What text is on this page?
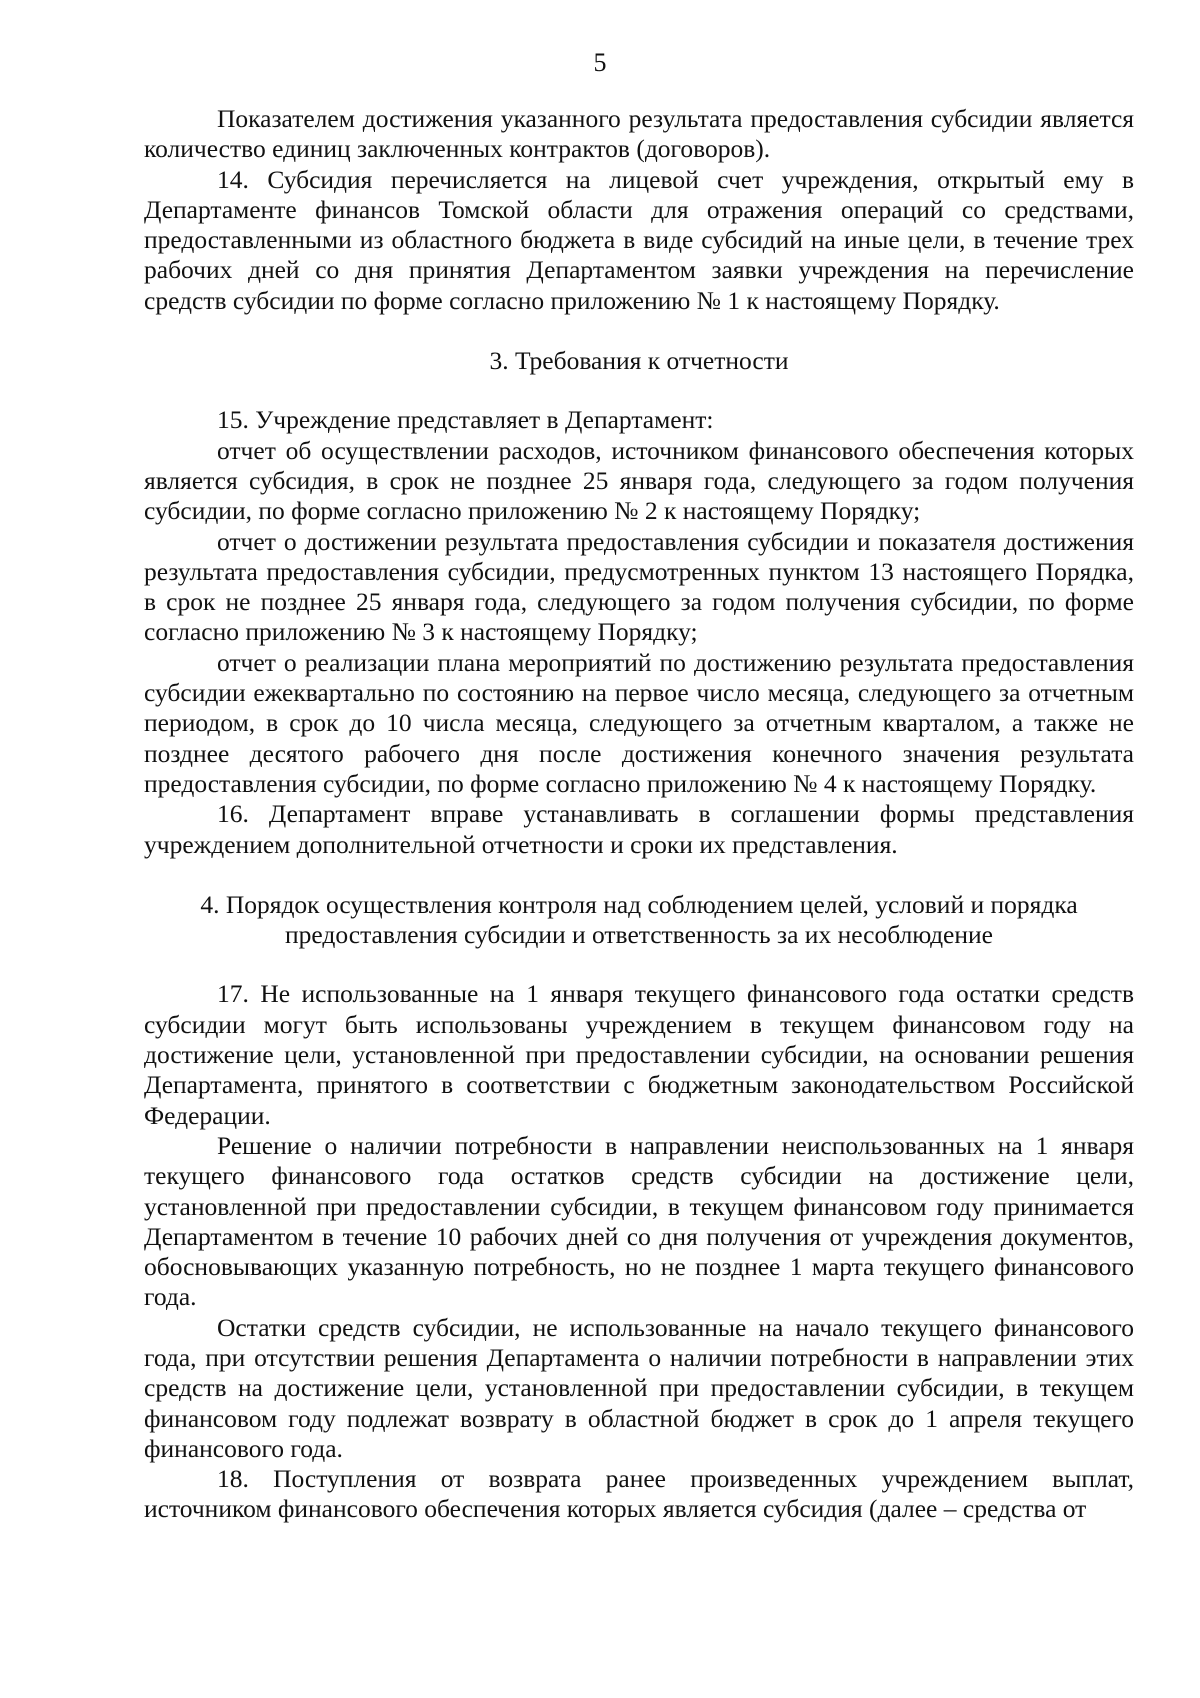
5

Показателем достижения указанного результата предоставления субсидии является количество единиц заключенных контрактов (договоров).

14. Субсидия перечисляется на лицевой счет учреждения, открытый ему в Департаменте финансов Томской области для отражения операций со средствами, предоставленными из областного бюджета в виде субсидий на иные цели, в течение трех рабочих дней со дня принятия Департаментом заявки учреждения на перечисление средств субсидии по форме согласно приложению № 1 к настоящему Порядку.

3. Требования к отчетности

15. Учреждение представляет в Департамент:

отчет об осуществлении расходов, источником финансового обеспечения которых является субсидия, в срок не позднее 25 января года, следующего за годом получения субсидии, по форме согласно приложению № 2 к настоящему Порядку;

отчет о достижении результата предоставления субсидии и показателя достижения результата предоставления субсидии, предусмотренных пунктом 13 настоящего Порядка, в срок не позднее 25 января года, следующего за годом получения субсидии, по форме согласно приложению № 3 к настоящему Порядку;

отчет о реализации плана мероприятий по достижению результата предоставления субсидии ежеквартально по состоянию на первое число месяца, следующего за отчетным периодом, в срок до 10 числа месяца, следующего за отчетным кварталом, а также не позднее десятого рабочего дня после достижения конечного значения результата предоставления субсидии, по форме согласно приложению № 4 к настоящему Порядку.

16. Департамент вправе устанавливать в соглашении формы представления учреждением дополнительной отчетности и сроки их представления.

4. Порядок осуществления контроля над соблюдением целей, условий и порядка

предоставления субсидии и ответственность за их несоблюдение

17. Не использованные на 1 января текущего финансового года остатки средств субсидии могут быть использованы учреждением в текущем финансовом году на достижение цели, установленной при предоставлении субсидии, на основании решения Департамента, принятого в соответствии с бюджетным законодательством Российской Федерации.

Решение о наличии потребности в направлении неиспользованных на 1 января текущего финансового года остатков средств субсидии на достижение цели, установленной при предоставлении субсидии, в текущем финансовом году принимается Департаментом в течение 10 рабочих дней со дня получения от учреждения документов, обосновывающих указанную потребность, но не позднее 1 марта текущего финансового года.

Остатки средств субсидии, не использованные на начало текущего финансового года, при отсутствии решения Департамента о наличии потребности в направлении этих средств на достижение цели, установленной при предоставлении субсидии, в текущем финансовом году подлежат возврату в областной бюджет в срок до 1 апреля текущего финансового года.

18. Поступления от возврата ранее произведенных учреждением выплат, источником финансового обеспечения которых является субсидия (далее – средства от
